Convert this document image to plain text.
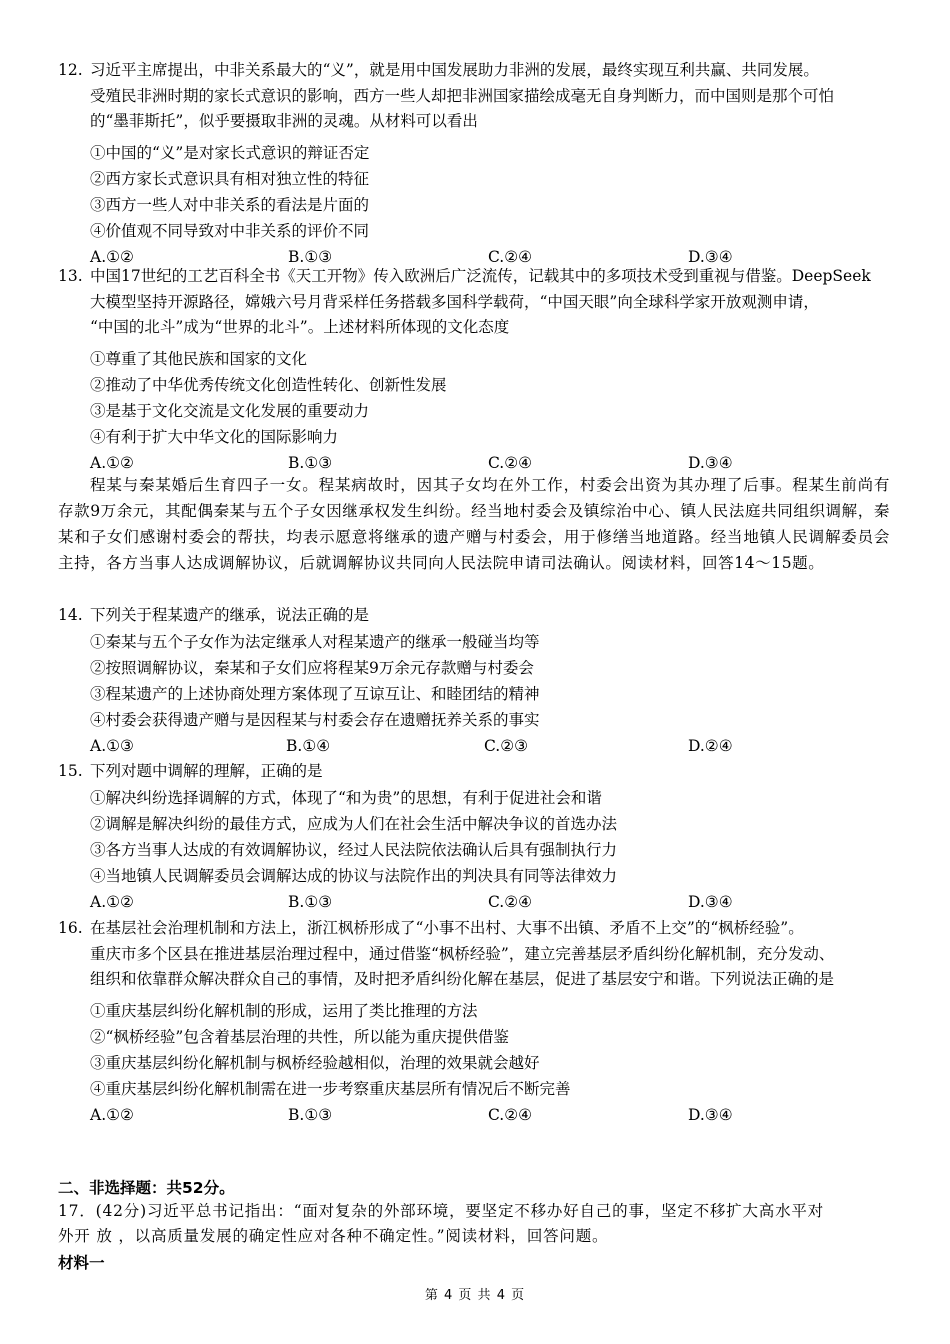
12. 习近平主席提出，中非关系最大的“义”，就是用中国发展助力非洲的发展，最终实现互利共赢、共同发展。
受殖民非洲时期的家长式意识的影响，西方一些人却把非洲国家描绘成毫无自身判断力，而中国则是那个可怕
的“墨菲斯托”，似乎要摄取非洲的灵魂。从材料可以看出
①中国的“义”是对家长式意识的辩证否定
②西方家长式意识具有相对独立性的特征
③西方一些人对中非关系的看法是片面的
④价值观不同导致对中非关系的评价不同
A.①②	B.①③	C.②④	D.③④
13. 中国17世纪的工艺百科全书《天工开物》传入欧洲后广泛流传，记载其中的多项技术受到重视与借鉴。DeepSeek
大模型坚持开源路径，嫦娥六号月背采样任务搭载多国科学载荷，“中国天眼”向全球科学家开放观测申请，
“中国的北斗”成为“世界的北斗”。上述材料所体现的文化态度
①尊重了其他民族和国家的文化
②推动了中华优秀传统文化创造性转化、创新性发展
③是基于文化交流是文化发展的重要动力
④有利于扩大中华文化的国际影响力
A.①②	B.①③	C.②④	D.③④
程某与秦某婚后生育四子一女。程某病故时，因其子女均在外工作，村委会出资为其办理了后事。程某生前尚有存款9万余元，其配偶秦某与五个子女因继承权发生纠纷。经当地村委会及镇综治中心、镇人民法庭共同组织调解，秦某和子女们感谢村委会的帮扶，均表示愿意将继承的遗产赠与村委会，用于修缮当地道路。经当地镇人民调解委员会主持，各方当事人达成调解协议，后就调解协议共同向人民法院申请司法确认。阅读材料，回答14～15题。
14. 下列关于程某遗产的继承，说法正确的是
①秦某与五个子女作为法定继承人对程某遗产的继承一般碰当均等
②按照调解协议，秦某和子女们应将程某9万余元存款赠与村委会
③程某遗产的上述协商处理方案体现了互谅互让、和睦团结的精神
④村委会获得遗产赠与是因程某与村委会存在遗赠抚养关系的事实
A.①③	B.①④	C.②③	D.②④
15. 下列对题中调解的理解，正确的是
①解决纠纷选择调解的方式，体现了“和为贵”的思想，有利于促进社会和谐
②调解是解决纠纷的最佳方式，应成为人们在社会生活中解决争议的首选办法
③各方当事人达成的有效调解协议，经过人民法院依法确认后具有强制执行力
④当地镇人民调解委员会调解达成的协议与法院作出的判决具有同等法律效力
A.①②	B.①③	C.②④	D.③④
16. 在基层社会治理机制和方法上，浙江枫桥形成了“小事不出村、大事不出镇、矛盾不上交”的“枫桥经验”。
重庆市多个区县在推进基层治理过程中，通过借鉴“枫桥经验”，建立完善基层矛盾纠纷化解机制，充分发动、
组织和依靠群众解决群众自己的事情，及时把矛盾纠纷化解在基层，促进了基层安宁和谐。下列说法正确的是
①重庆基层纠纷化解机制的形成，运用了类比推理的方法
②“枫桥经验”包含着基层治理的共性，所以能为重庆提供借鉴
③重庆基层纠纷化解机制与枫桥经验越相似，治理的效果就会越好
④重庆基层纠纷化解机制需在进一步考察重庆基层所有情况后不断完善
A.①②	B.①③	C.②④	D.③④
二、非选择题：共52分。
17．(42分)习近平总书记指出：“面对复杂的外部环境，要坚定不移办好自己的事，坚定不移扩大高水平对
外开 放 ，以高质量发展的确定性应对各种不确定性。”阅读材料，回答问题。
材料一
第 4 页 共 4 页
